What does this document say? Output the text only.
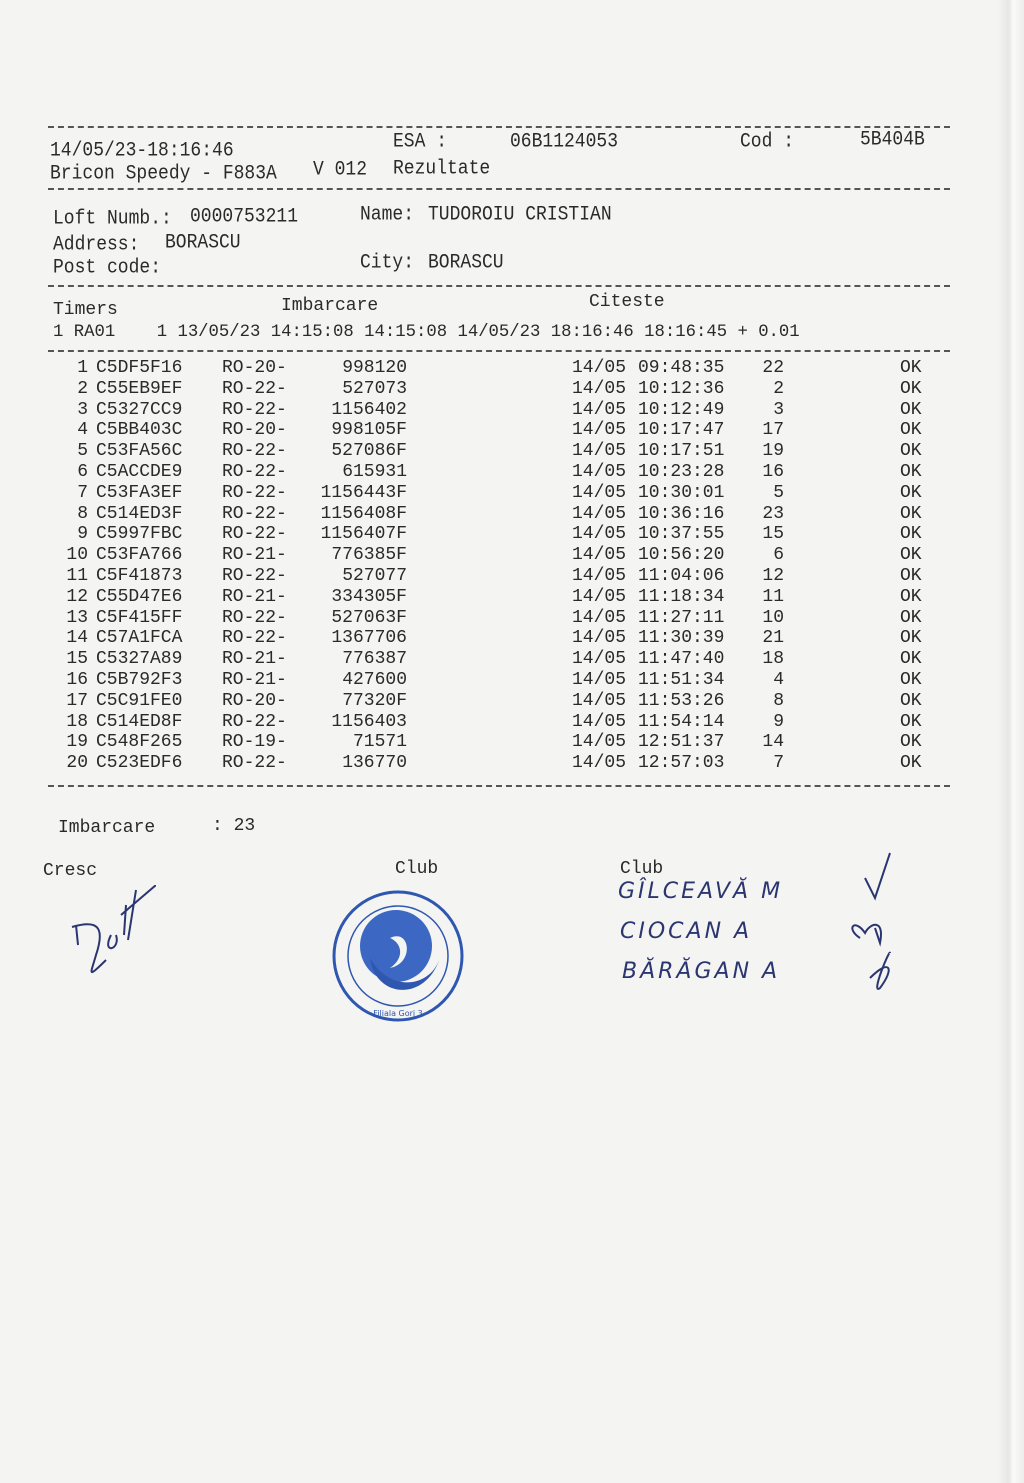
14/05/23-18:16:46	ESA :	06B1124053	Cod :	5B404B
Bricon Speedy - F883A V 012 Rezultate
Loft Numb.: 0000753211	Name: TUDOROIU CRISTIAN
Address: BORASCU
Post code:	City: BORASCU
Timers	Imbarcare	Citeste
1 RA01    1 13/05/23 14:15:08 14:15:08 14/05/23 18:16:46 18:16:45 + 0.01
1 C5DF5F16 RO-20-	998120	14/05 09:48:35 22	OK
2 C55EB9EF RO-22-	527073	14/05 10:12:36	2	OK
3 C5327CC9 RO-22- 1156402	14/05 10:12:49	3	OK
4 C5BB403C RO-20- 998105F	14/05 10:17:47 17	OK
5 C53FA56C RO-22- 527086F	14/05 10:17:51 19	OK
6 C5ACCDE9 RO-22-	615931	14/05 10:23:28 16	OK
7 C53FA3EF RO-22- 1156443F	14/05 10:30:01	5	OK
8 C514ED3F RO-22- 1156408F	14/05 10:36:16 23	OK
9 C5997FBC RO-22- 1156407F	14/05 10:37:55 15	OK
10 C53FA766 RO-21- 776385F	14/05 10:56:20	6	OK
11 C5F41873 RO-22-	527077	14/05 11:04:06 12	OK
12 C55D47E6 RO-21- 334305F	14/05 11:18:34 11	OK
13 C5F415FF RO-22- 527063F	14/05 11:27:11 10	OK
14 C57A1FCA RO-22- 1367706	14/05 11:30:39 21	OK
15 C5327A89 RO-21-	776387	14/05 11:47:40 18	OK
16 C5B792F3 RO-21-	427600	14/05 11:51:34	4	OK
17 C5C91FE0 RO-20-	77320F	14/05 11:53:26	8	OK
18 C514ED8F RO-22- 1156403	14/05 11:54:14	9	OK
19 C548F265 RO-19-	71571	14/05 12:51:37 14	OK
20 C523EDF6 RO-22-	136770	14/05 12:57:03	7	OK
Imbarcare	: 23
Cresc	Club
Filiala Gorj 3
Club
GÎLCEAVĂ M
CIOCAN A
BĂRĂGAN A
